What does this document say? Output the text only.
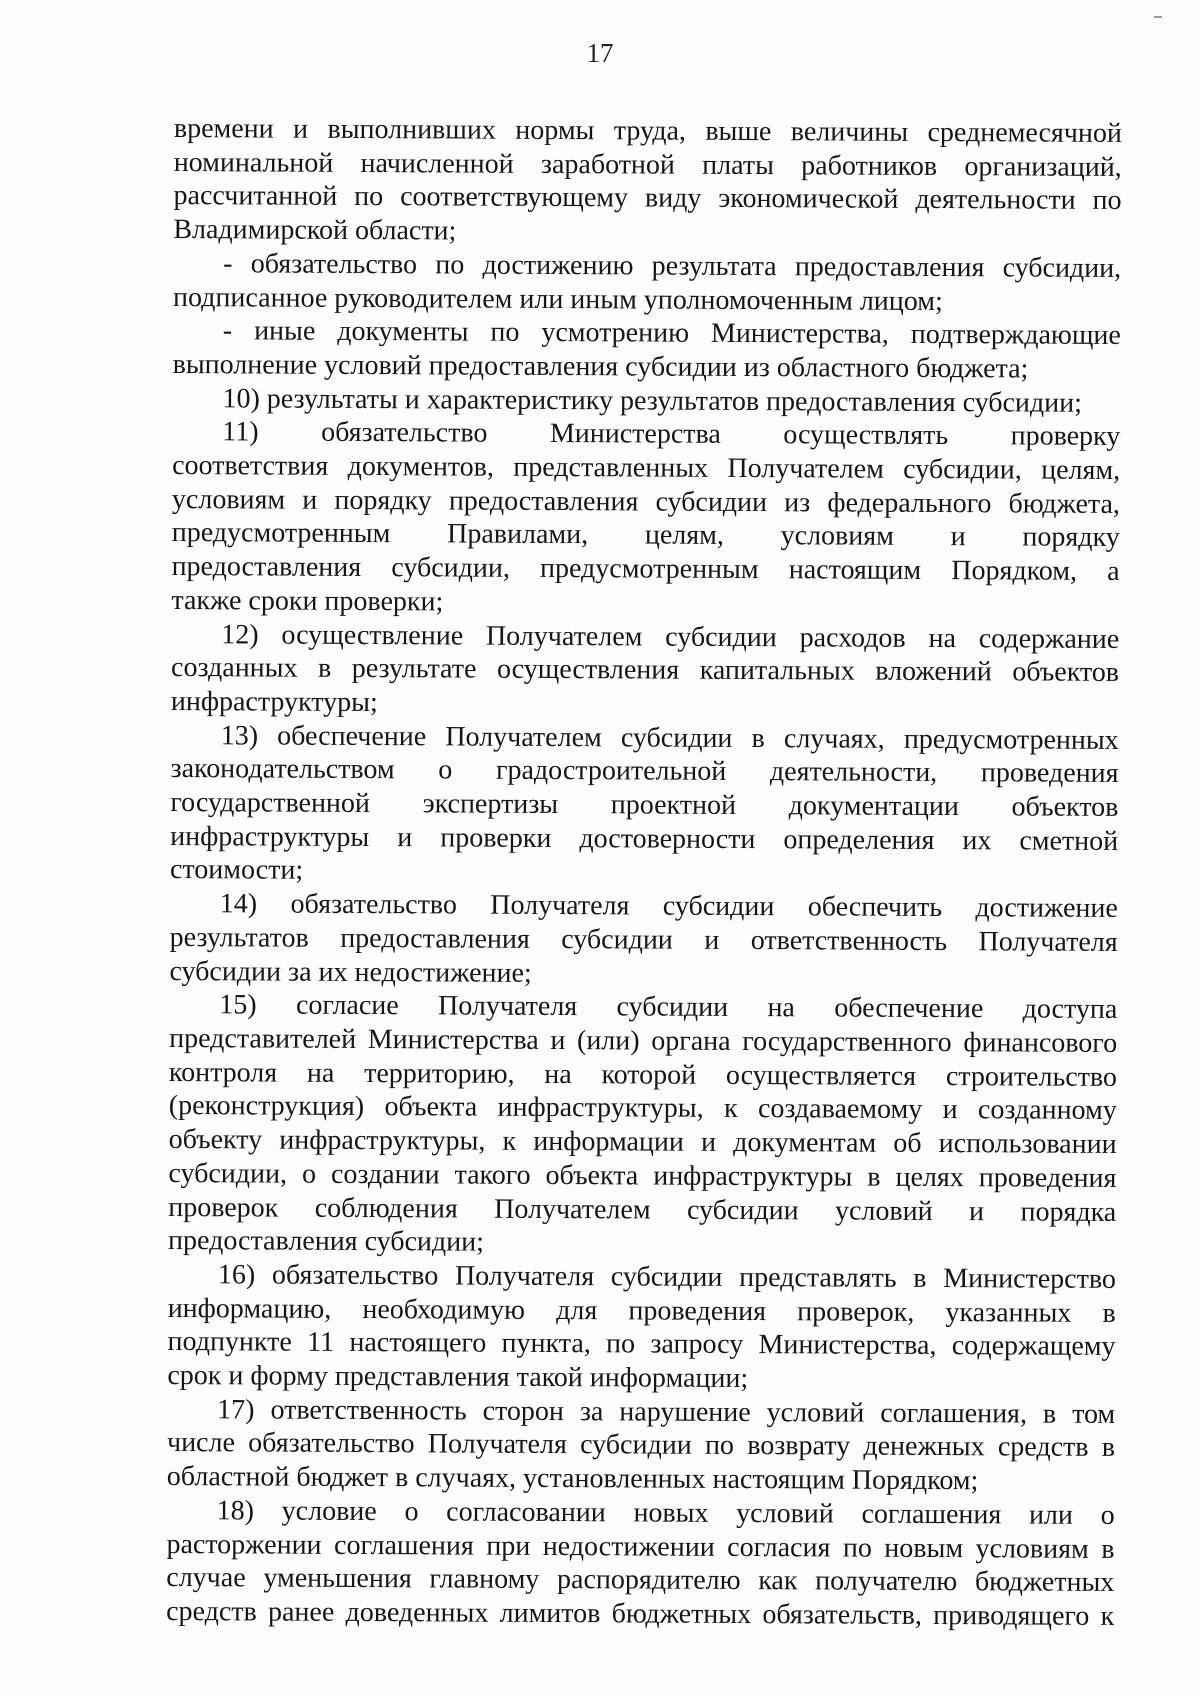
17

времени и выполнивших нормы труда, выше величины среднемесячной
номинальной начисленной заработной платы работников организаций,
рассчитанной по соответствующему виду экономической деятельности по
Владимирской области;

- обязательство по достижению результата предоставления субсидии,
подписанное руководителем или иным уполномоченным лицом;

- иные документы по усмотрению Министерства, подтверждающие
выполнение условий предоставления субсидии из областного бюджета;

10) результаты и характеристику результатов предоставления субсидии;

11) обязательство Министерства осуществлять проверку
соответствия документов, представленных Получателем субсидии, целям,
условиям и порядку предоставления субсидии из федерального бюджета,
предусмотренным Правилами, целям, условиям и порядку
предоставления субсидии, предусмотренным настоящим Порядком, а
также сроки проверки;

12) осуществление Получателем субсидии расходов на содержание
созданных в результате осуществления капитальных вложений объектов
инфраструктуры;

13) обеспечение Получателем субсидии в случаях, предусмотренных
законодательством о градостроительной деятельности, проведения
государственной экспертизы проектной документации объектов
инфраструктуры и проверки достоверности определения их сметной
стоимости;

14) обязательство Получателя субсидии обеспечить достижение
результатов предоставления субсидии и ответственность Получателя
субсидии за их недостижение;

15) согласие Получателя субсидии на обеспечение доступа
представителей Министерства и (или) органа государственного финансового
контроля на территорию, на которой осуществляется строительство
(реконструкция) объекта инфраструктуры, к создаваемому и созданному
объекту инфраструктуры, к информации и документам об использовании
субсидии, о создании такого объекта инфраструктуры в целях проведения
проверок соблюдения Получателем субсидии условий и порядка
предоставления субсидии;

16) обязательство Получателя субсидии представлять в Министерство
информацию, необходимую для проведения проверок, указанных в
подпункте 11 настоящего пункта, по запросу Министерства, содержащему
срок и форму представления такой информации;

17) ответственность сторон за нарушение условий соглашения, в том
числе обязательство Получателя субсидии по возврату денежных средств в
областной бюджет в случаях, установленных настоящим Порядком;

18) условие о согласовании новых условий соглашения или о
расторжении соглашения при недостижении согласия по новым условиям в
случае уменьшения главному распорядителю как получателю бюджетных
средств ранее доведенных лимитов бюджетных обязательств, приводящего к
